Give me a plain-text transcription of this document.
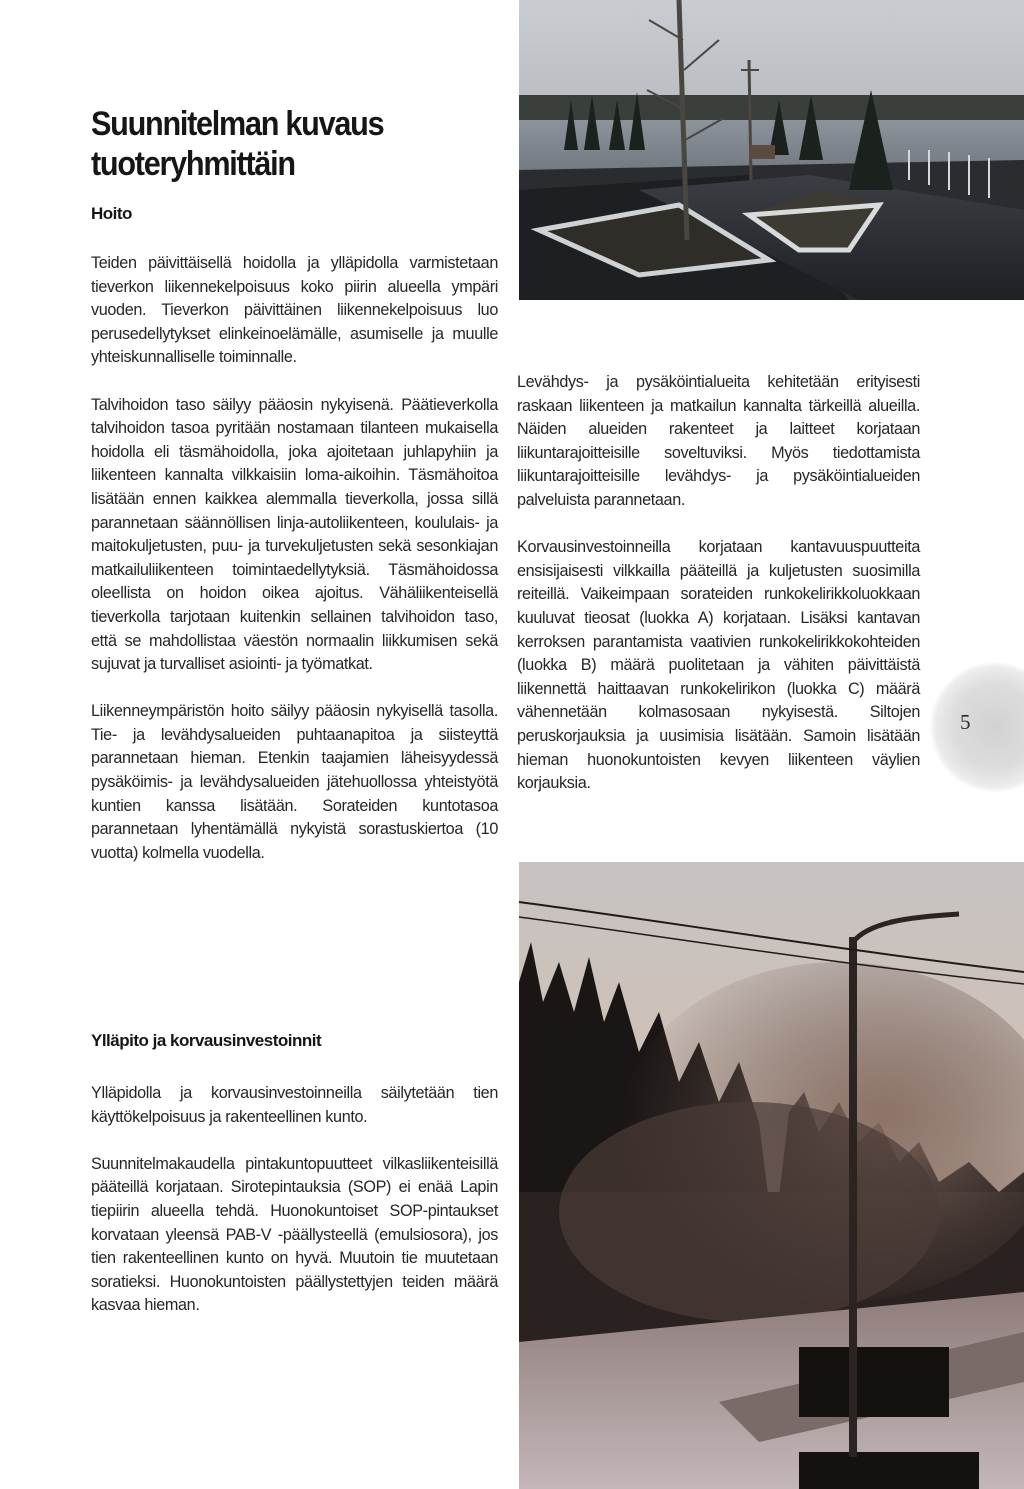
Suunnitelman kuvaus tuoteryhmittäin
Hoito

Teiden päivittäisellä hoidolla ja ylläpidolla varmistetaan tieverkon liikennekelpoisuus koko piirin alueella ympäri vuoden. Tieverkon päivittäinen liikennekelpoisuus luo perusedellytykset elinkeinoelämälle, asumiselle ja muulle yhteiskunnalliselle toiminnalle.

Talvihoidon taso säilyy pääosin nykyisenä. Päätieverkolla talvihoidon tasoa pyritään nostamaan tilanteen mukaisella hoidolla eli täsmähoidolla, joka ajoitetaan juhlapyhiin ja liikenteen kannalta vilkkaisiin loma-aikoihin. Täsmähoitoa lisätään ennen kaikkea alemmalla tieverkolla, jossa sillä parannetaan säännöllisen linja-autoliikenteen, koululais- ja maitokuljetusten, puu- ja turvekuljetusten sekä sesonkiajan matkailuliikenteen toimintaedellytyksiä. Täsmähoidossa oleellista on hoidon oikea ajoitus. Vähäliikenteisellä tieverkolla tarjotaan kuitenkin sellainen talvihoidon taso, että se mahdollistaa väestön normaalin liikkumisen sekä sujuvat ja turvalliset asiointi- ja työmatkat.

Liikenneympäristön hoito säilyy pääosin nykyisellä tasolla. Tie- ja levähdysalueiden puhtaanapitoa ja siisteyttä parannetaan hieman. Etenkin taajamien läheisyydessä pysäköimis- ja levähdysalueiden jätehuollossa yhteistyötä kuntien kanssa lisätään. Sorateiden kuntotasoa parannetaan lyhentämällä nykyistä sorastuskiertoa (10 vuotta) kolmella vuodella.

Ylläpito ja korvausinvestoinnit

Ylläpidolla ja korvausinvestoinneilla säilytetään tien käyttökelpoisuus ja rakenteellinen kunto.

Suunnitelmakaudella pintakuntopuutteet vilkasliikenteisillä pääteillä korjataan. Sirotepintauksia (SOP) ei enää Lapin tiepiirin alueella tehdä. Huonokuntoiset SOP-pintaukset korvataan yleensä PAB-V -päällysteellä (emulsiosora), jos tien rakenteellinen kunto on hyvä. Muutoin tie muutetaan soratieksi. Huonokuntoisten päällystettyjen teiden määrä kasvaa hieman.

Levähdys- ja pysäköintialueita kehitetään erityisesti raskaan liikenteen ja matkailun kannalta tärkeillä alueilla. Näiden alueiden rakenteet ja laitteet korjataan liikuntarajoitteisille soveltuviksi. Myös tiedottamista liikuntarajoitteisille levähdys- ja pysäköintialueiden palveluista parannetaan.

Korvausinvestoinneilla korjataan kantavuuspuutteita ensisijaisesti vilkkailla pääteillä ja kuljetusten suosimilla reiteillä. Vaikeimpaan sorateiden runkokelirikkoluokkaan kuuluvat tieosat (luokka A) korjataan. Lisäksi kantavan kerroksen parantamista vaativien runkokelirikkokohteiden (luokka B) määrä puolitetaan ja vähiten päivittäistä liikennettä haittaavan runkokelirikon (luokka C) määrä vähennetään kolmasosaan nykyisestä. Siltojen peruskorjauksia ja uusimisia lisätään. Samoin lisätään hieman huonokuntoisten kevyen liikenteen väylien korjauksia.

5
